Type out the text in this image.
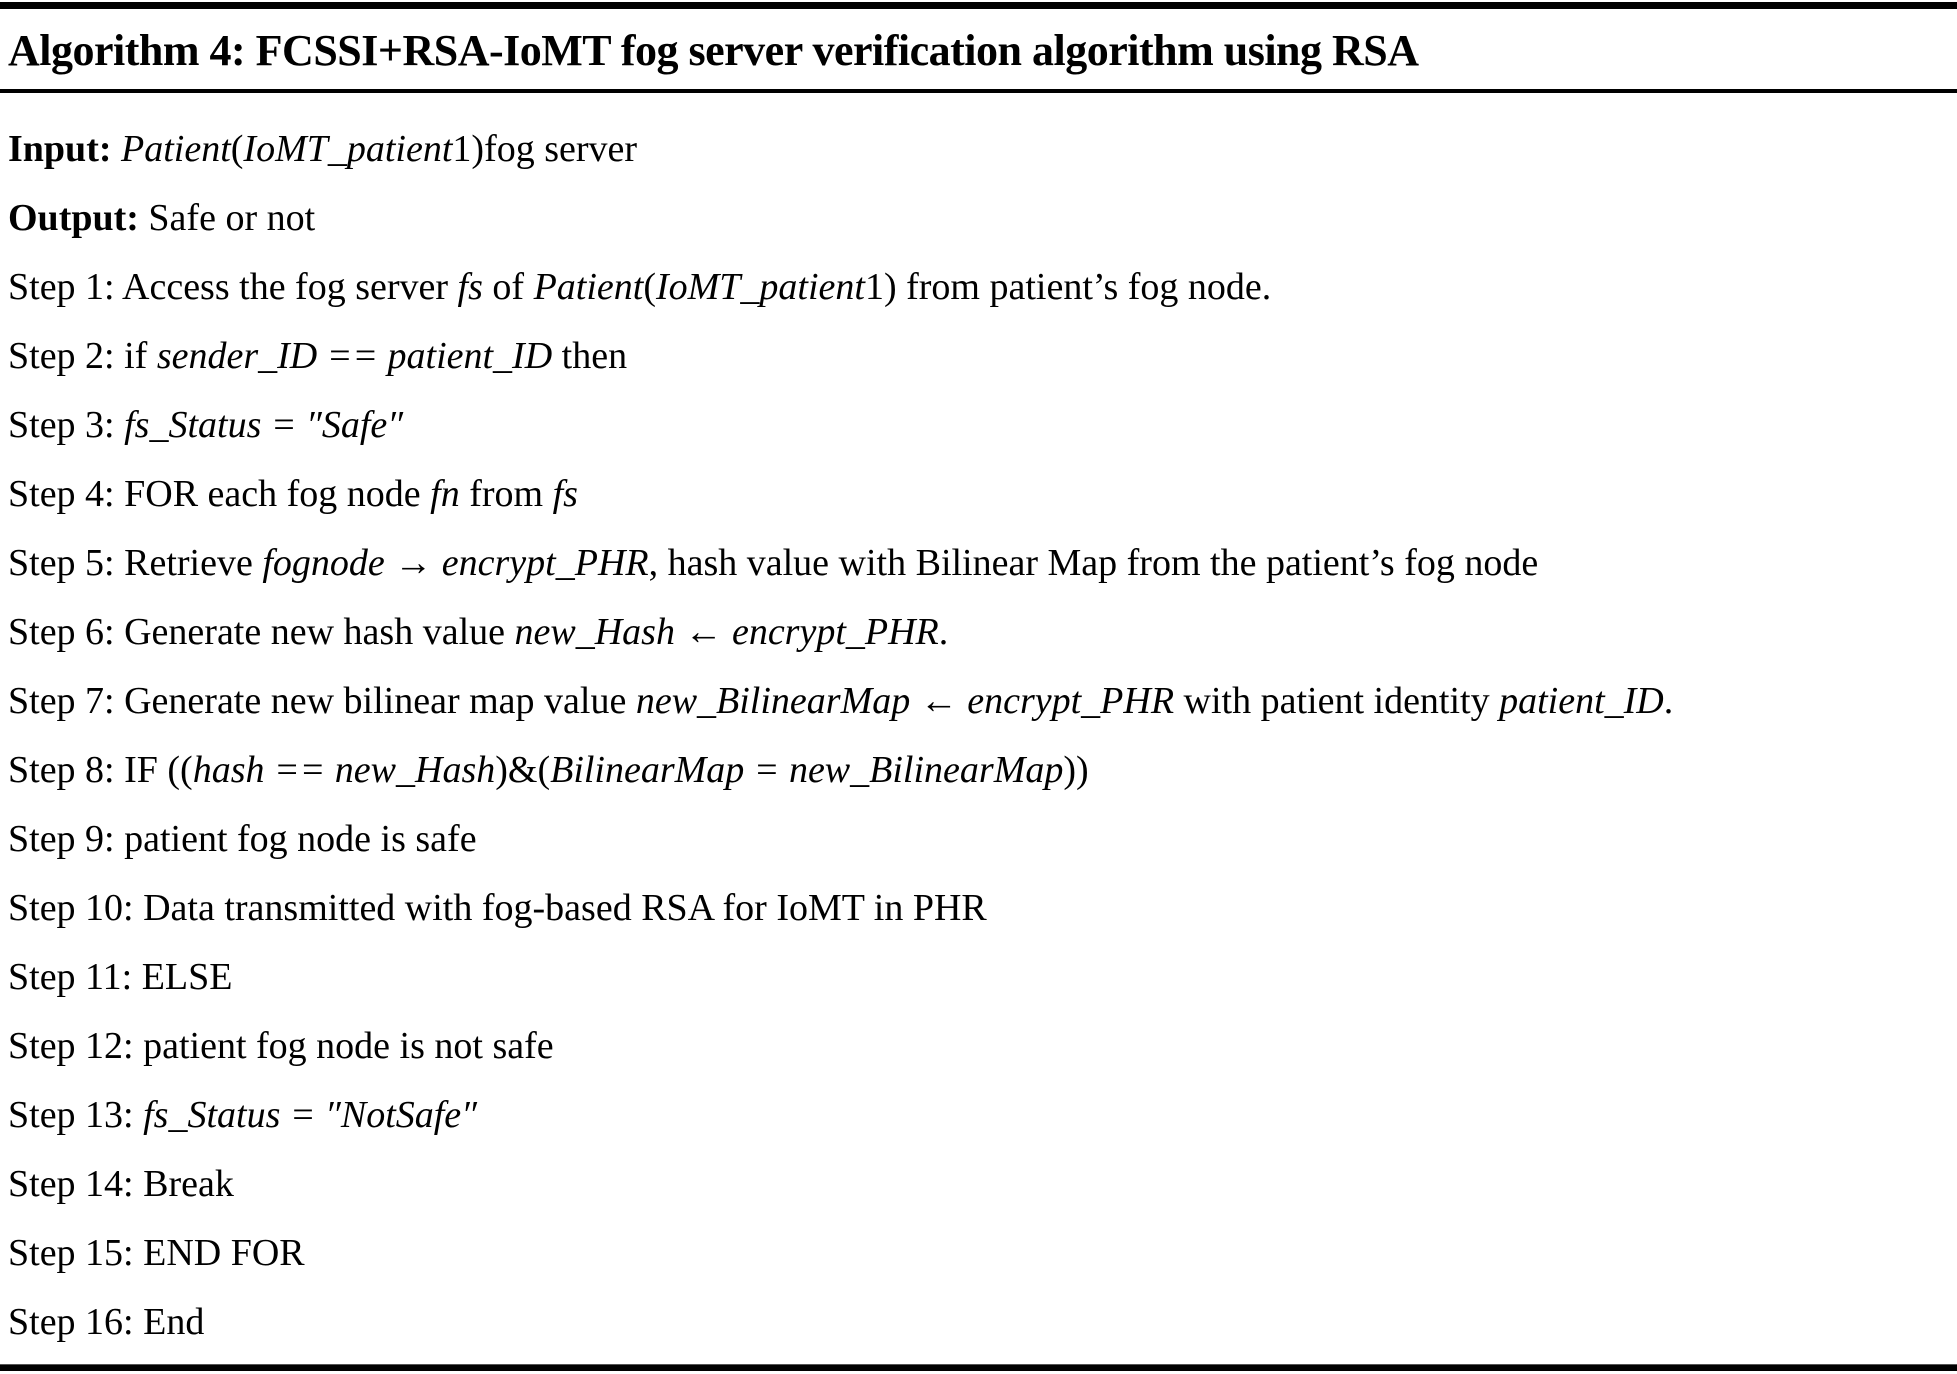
Algorithm 4: FCSSI+RSA-IoMT fog server verification algorithm using RSA
Input: Patient(IoMT_patient1)fog server
Output: Safe or not
Step 1: Access the fog server fs of Patient(IoMT_patient1) from patient’s fog node.
Step 2: if sender_ID == patient_ID then
Step 3: fs_Status = ″Safe″
Step 4: FOR each fog node fn from fs
Step 5: Retrieve fognode → encrypt_PHR, hash value with Bilinear Map from the patient’s fog node
Step 6: Generate new hash value new_Hash ← encrypt_PHR.
Step 7: Generate new bilinear map value new_BilinearMap ← encrypt_PHR with patient identity patient_ID.
Step 8: IF ((hash == new_Hash)&(BilinearMap = new_BilinearMap))
Step 9: patient fog node is safe
Step 10: Data transmitted with fog-based RSA for IoMT in PHR
Step 11: ELSE
Step 12: patient fog node is not safe
Step 13: fs_Status = ″NotSafe″
Step 14: Break
Step 15: END FOR
Step 16: End
